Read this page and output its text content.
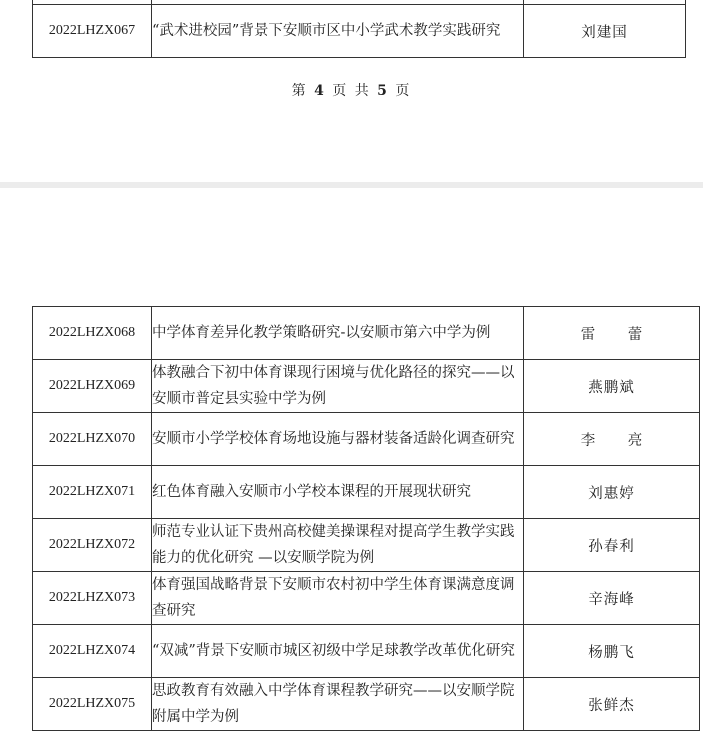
2022LHZX067	“武术进校园”背景下安顺市区中小学武术教学实践研究	刘建国
第 4 页 共 5 页
2022LHZX068	中学体育差异化教学策略研究-以安顺市第六中学为例	雷 蕾
2022LHZX069	体教融合下初中体育课现行困境与优化路径的探究——以安顺市普定县实验中学为例	燕鹏斌
2022LHZX070	安顺市小学学校体育场地设施与器材装备适龄化调查研究	李 亮
2022LHZX071	红色体育融入安顺市小学校本课程的开展现状研究	刘惠婷
2022LHZX072	师范专业认证下贵州高校健美操课程对提高学生教学实践能力的优化研究 —以安顺学院为例	孙春利
2022LHZX073	体育强国战略背景下安顺市农村初中学生体育课满意度调查研究	辛海峰
2022LHZX074	“双减”背景下安顺市城区初级中学足球教学改革优化研究	杨鹏飞
2022LHZX075	思政教育有效融入中学体育课程教学研究——以安顺学院附属中学为例	张鲜杰
